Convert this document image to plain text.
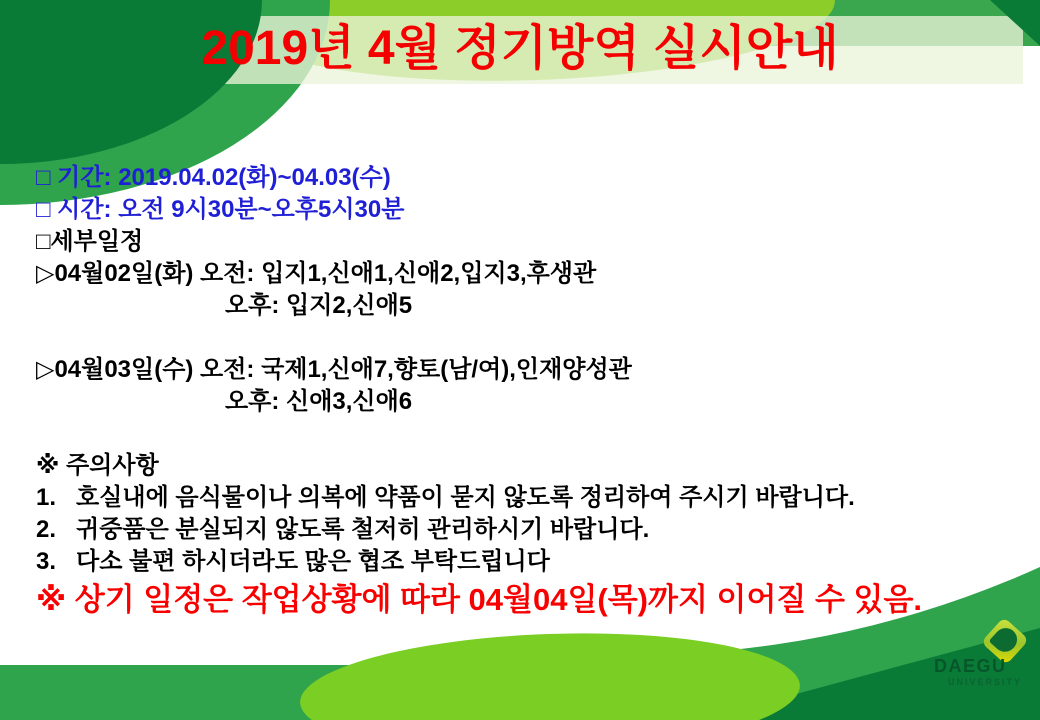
DAEGU
UNIVERSITY
2019년 4월 정기방역 실시안내
□ 기간: 2019.04.02(화)~04.03(수)
□ 시간: 오전 9시30분~오후5시30분
□세부일정
▷04월02일(화) 오전: 입지1,신애1,신애2,입지3,후생관
오후: 입지2,신애5
▷04월03일(수) 오전: 국제1,신애7,향토(남/여),인재양성관
오후: 신애3,신애6
※ 주의사항
1.   호실내에 음식물이나 의복에 약품이 묻지 않도록 정리하여 주시기 바랍니다.
2.   귀중품은 분실되지 않도록 철저히 관리하시기 바랍니다.
3.   다소 불편 하시더라도 많은 협조 부탁드립니다
※ 상기 일정은 작업상황에 따라 04월04일(목)까지 이어질 수 있음.
